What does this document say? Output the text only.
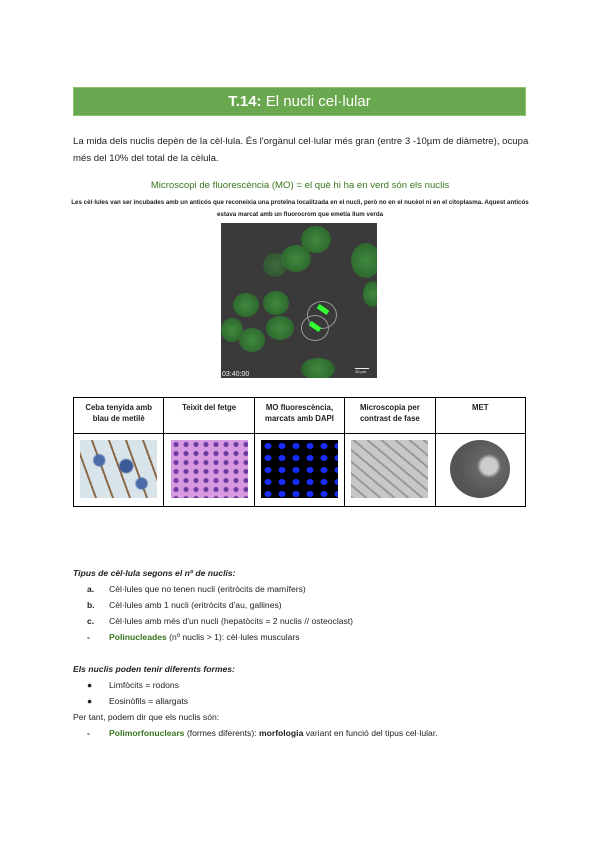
T.14: El nucli cel·lular
La mida dels nuclis depèn de la cèl·lula. És l'orgànul cel·lular més gran (entre 3 -10µm de diàmetre), ocupa més del 10% del total de la cèlula.
Microscopi de fluorescència (MO) = el què hi ha en verd són els nuclis
Les cèl·lules van ser incubades amb un anticós que reconeixia una proteïna localitzada en el nucli, però no en el nucèol ni en el citoplasma. Aquest anticós estava marcat amb un fluorocrom que emetia llum verda
03:40:00	10 µm
Ceba tenyida amb blau de metilè	Teixit del fetge	MO fluorescència, marcats amb DAPI	Microscopia per contrast de fase	MET

Tipus de cèl·lula segons el nº de nuclis:
a. Cèl·lules que no tenen nucli (eritròcits de mamífers)
b. Cèl·lules amb 1 nucli (eritròcits d'au, gallines)
c. Cèl·lules amb més d'un nucli (hepatòcits = 2 nuclis // osteoclast)
- Polinucleades (nº nuclis > 1): cèl·lules musculars
Els nuclis poden tenir diferents formes:
● Limfòcits = rodons
● Eosinòfils = allargats
Per tant, podem dir que els nuclis són:
- Polimorfonuclears (formes diferents): morfologia variant en funció del tipus cel·lular.
